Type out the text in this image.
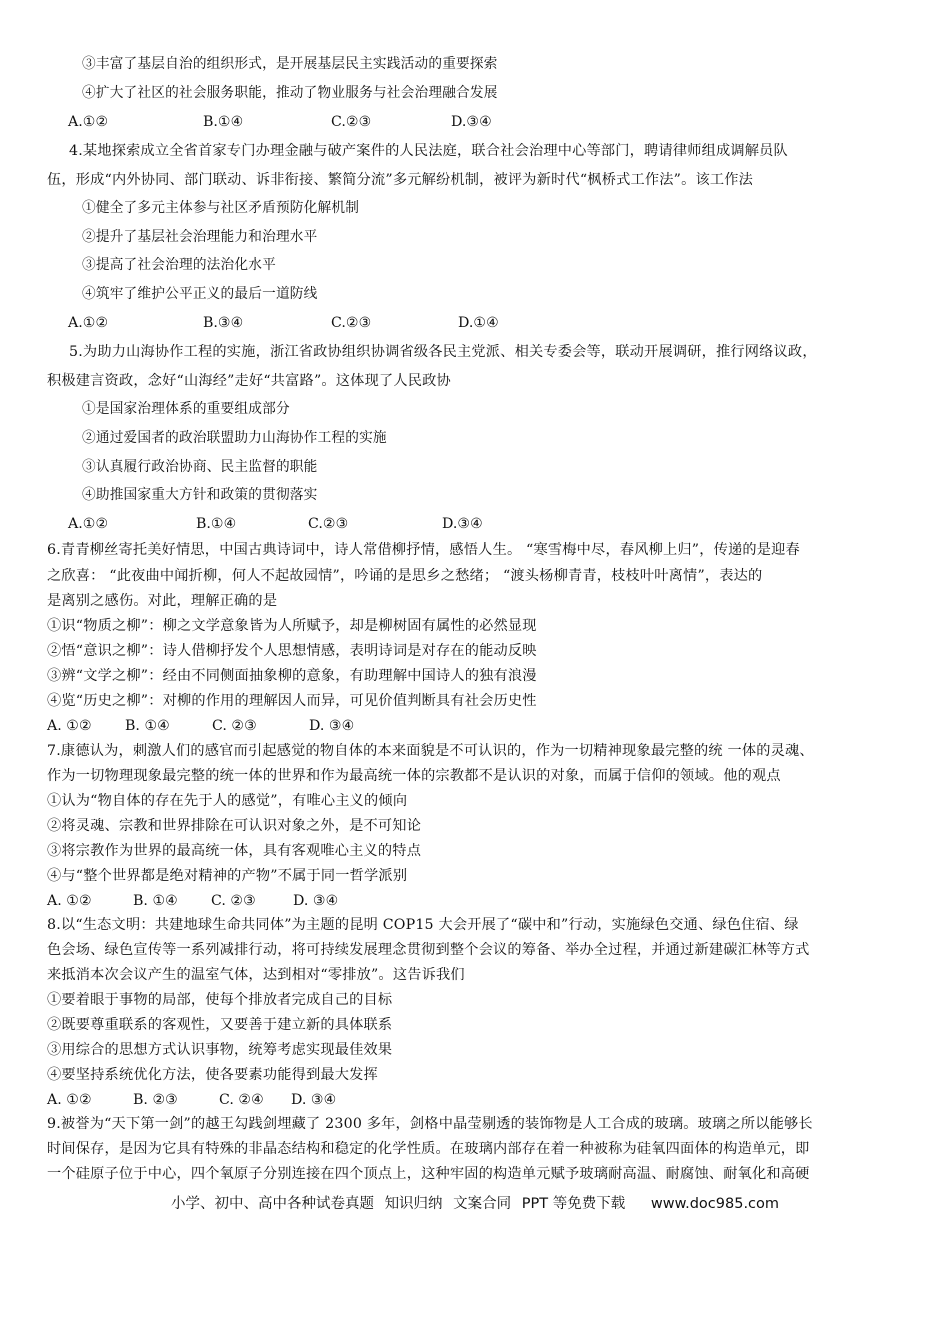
③丰富了基层自治的组织形式，是开展基层民主实践活动的重要探索
④扩大了社区的社会服务职能，推动了物业服务与社会治理融合发展
A.①②	B.①④	C.②③	D.③④
4.某地探索成立全省首家专门办理金融与破产案件的人民法庭，联合社会治理中心等部门，聘请律师组成调解员队
伍，形成“内外协同、部门联动、诉非衔接、繁简分流”多元解纷机制，被评为新时代“枫桥式工作法”。该工作法
①健全了多元主体参与社区矛盾预防化解机制
②提升了基层社会治理能力和治理水平
③提高了社会治理的法治化水平
④筑牢了维护公平正义的最后一道防线
A.①②	B.③④	C.②③	D.①④
5.为助力山海协作工程的实施，浙江省政协组织协调省级各民主党派、相关专委会等，联动开展调研，推行网络议政，
积极建言资政，念好“山海经”走好“共富路”。这体现了人民政协
①是国家治理体系的重要组成部分
②通过爱国者的政治联盟助力山海协作工程的实施
③认真履行政治协商、民主监督的职能
④助推国家重大方针和政策的贯彻落实
A.①②	B.①④	C.②③	D.③④
6.青青柳丝寄托美好情思，中国古典诗词中，诗人常借柳抒情，感悟人生。 “寒雪梅中尽，春风柳上归”，传递的是迎春
之欣喜： “此夜曲中闻折柳，何人不起故园情”，吟诵的是思乡之愁绪； “渡头杨柳青青，枝枝叶叶离情”，表达的
是离别之感伤。对此，理解正确的是
①识“物质之柳”：柳之文学意象皆为人所赋予，却是柳树固有属性的必然显现
②悟“意识之柳”：诗人借柳抒发个人思想情感，表明诗词是对存在的能动反映
③辨“文学之柳”：经由不同侧面抽象柳的意象，有助理解中国诗人的独有浪漫
④览“历史之柳”：对柳的作用的理解因人而异，可见价值判断具有社会历史性
A. ①② B. ①④	C. ②③	D. ③④
7.康德认为，刺激人们的感官而引起感觉的物自体的本来面貌是不可认识的，作为一切精神现象最完整的统 一体的灵魂、
作为一切物理现象最完整的统一体的世界和作为最高统一体的宗教都不是认识的对象，而属于信仰的领域。他的观点
①认为“物自体的存在先于人的感觉”，有唯心主义的倾向
②将灵魂、宗教和世界排除在可认识对象之外，是不可知论
③将宗教作为世界的最高统一体，具有客观唯心主义的特点
④与“整个世界都是绝对精神的产物”不属于同一哲学派别
A. ①②	B. ①④ C. ②③	D. ③④
8.以“生态文明：共建地球生命共同体”为主题的昆明 COP15 大会开展了“碳中和”行动，实施绿色交通、绿色住宿、绿
色会场、绿色宣传等一系列减排行动，将可持续发展理念贯彻到整个会议的筹备、举办全过程，并通过新建碳汇林等方式
来抵消本次会议产生的温室气体，达到相对“零排放”。这告诉我们
①要着眼于事物的局部，使每个排放者完成自己的目标
②既要尊重联系的客观性，又要善于建立新的具体联系
③用综合的思想方式认识事物，统筹考虑实现最佳效果
④要坚持系统优化方法，使各要素功能得到最大发挥
A. ①②	B. ②③	C. ②④ D. ③④
9.被誉为“天下第一剑”的越王勾践剑埋藏了 2300 多年，剑格中晶莹剔透的装饰物是人工合成的玻璃。玻璃之所以能够长
时间保存，是因为它具有特殊的非晶态结构和稳定的化学性质。在玻璃内部存在着一种被称为硅氧四面体的构造单元，即
一个硅原子位于中心，四个氧原子分别连接在四个顶点上，这种牢固的构造单元赋予玻璃耐高温、耐腐蚀、耐氧化和高硬
小学、初中、高中各种试卷真题 知识归纳 文案合同 PPT 等免费下载 www.doc985.com
